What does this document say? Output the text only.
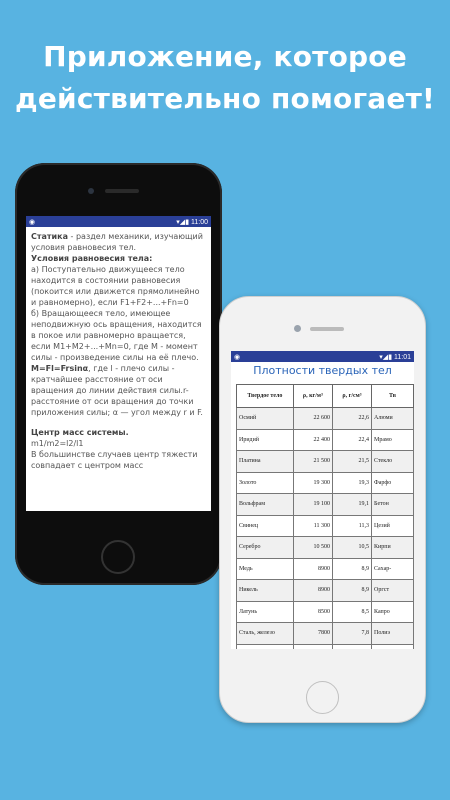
Приложение, которое
действительно помогает!
◉	▾◢▮ 11:00
Статика - раздел механики, изучающий условия равновесия тел.
Условия равновесия тела:
а) Поступательно движущееся тело находится в состоянии равновесия (покоится или движется прямолинейно и равномерно), если F1+F2+...+Fn=0
б) Вращающееся тело, имеющее неподвижную ось вращения, находится в покое или равномерно вращается, если M1+M2+...+Mn=0, где M - момент силы - произведение силы на её плечо.
M=Fl=Frsinα, где l - плечо силы - кратчайшее расстояние от оси вращения до линии действия силы.r- расстояние от оси вращения до точки приложения силы; α — угол между r и F.
Центр масс системы.
m1/m2=l2/l1
В большинстве случаев центр тяжести совпадает с центром масс
◉	▾◢▮ 11:01
Плотности твердых тел
Твердое тело	ρ, кг/м³	ρ, г/см³	Тв
Осмий	22 600	22,6	Алюми
Иридий	22 400	22,4	Мрамо
Платина	21 500	21,5	Стекло
Золото	19 300	19,3	Фарфо
Вольфрам	19 100	19,1	Бетон
Свинец	11 300	11,3	Цезий
Серебро	10 500	10,5	Кирпи
Медь	8900	8,9	Сахар-
Никель	8900	8,9	Оргст
Латунь	8500	8,5	Капро
Сталь, железо	7800	7,8	Полиэ
